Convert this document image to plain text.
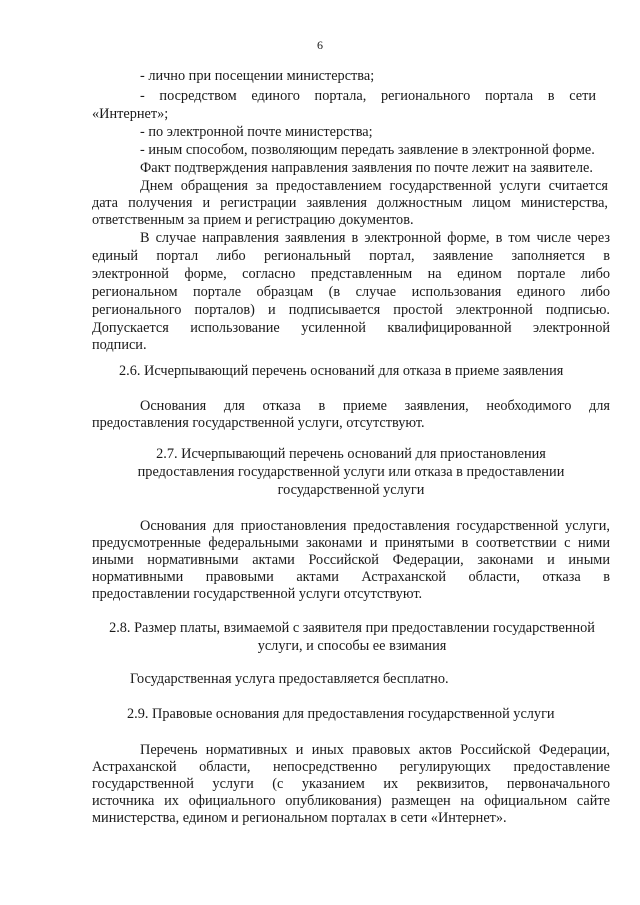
6
- лично при посещении министерства;
- посредством единого портала, регионального портала в сети
«Интернет»;
- по электронной почте министерства;
- иным способом, позволяющим передать заявление в электронной форме.
Факт подтверждения направления заявления по почте лежит на заявителе.
Днем обращения за предоставлением государственной услуги считается
дата получения и регистрации заявления должностным лицом министерства,
ответственным за прием и регистрацию документов.
В случае направления заявления в электронной форме, в том числе через
единый портал либо региональный портал, заявление заполняется в
электронной форме, согласно представленным на едином портале либо
региональном портале образцам (в случае использования единого либо
регионального порталов) и подписывается простой электронной подписью.
Допускается использование усиленной квалифицированной электронной
подписи.
2.6. Исчерпывающий перечень оснований для отказа в приеме заявления
Основания для отказа в приеме заявления, необходимого для
предоставления государственной услуги, отсутствуют.
2.7. Исчерпывающий перечень оснований для приостановления
предоставления государственной услуги или отказа в предоставлении
государственной услуги
Основания для приостановления предоставления государственной услуги,
предусмотренные федеральными законами и принятыми в соответствии с ними
иными нормативными актами Российской Федерации, законами и иными
нормативными правовыми актами Астраханской области, отказа в
предоставлении государственной услуги отсутствуют.
2.8. Размер платы, взимаемой с заявителя при предоставлении государственной
услуги, и способы ее взимания
Государственная услуга предоставляется бесплатно.
2.9. Правовые основания для предоставления государственной услуги
Перечень нормативных и иных правовых актов Российской Федерации,
Астраханской области, непосредственно регулирующих предоставление
государственной услуги (с указанием их реквизитов, первоначального
источника их официального опубликования) размещен на официальном сайте
министерства, едином и региональном порталах в сети «Интернет».
